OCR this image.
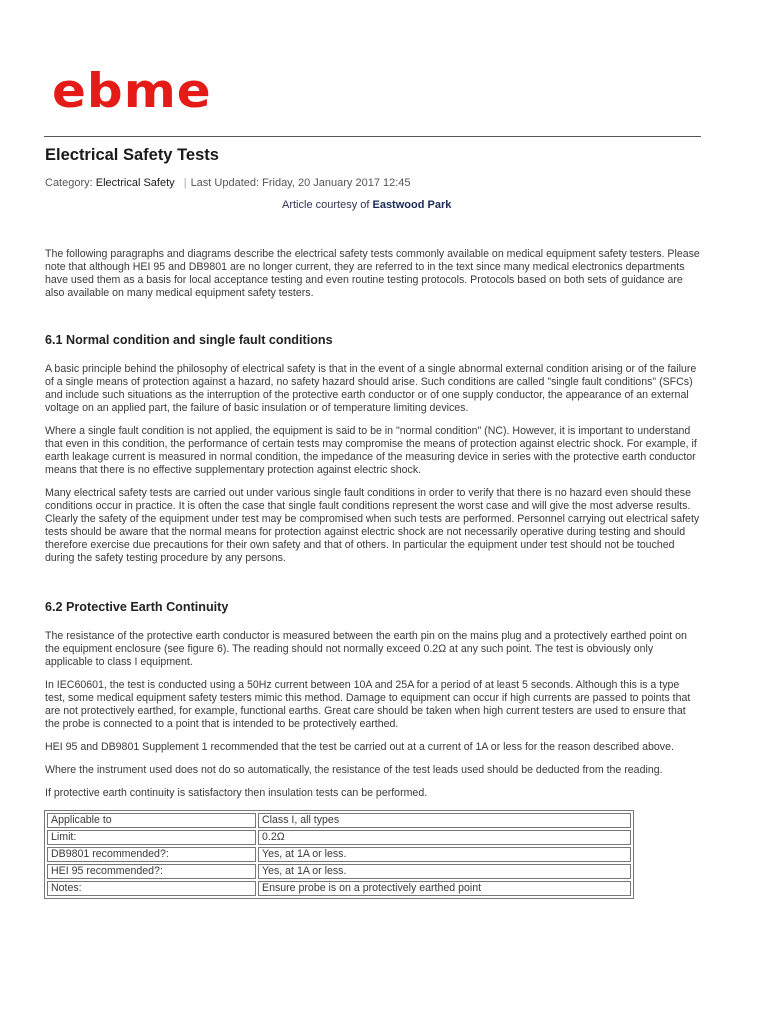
ebme
Electrical Safety Tests
Category: Electrical Safety | Last Updated: Friday, 20 January 2017 12:45
Article courtesy of Eastwood Park

The following paragraphs and diagrams describe the electrical safety tests commonly available on medical equipment safety testers. Please note that although HEI 95 and DB9801 are no longer current, they are referred to in the text since many medical electronics departments have used them as a basis for local acceptance testing and even routine testing protocols. Protocols based on both sets of guidance are also available on many medical equipment safety testers.

6.1 Normal condition and single fault conditions

A basic principle behind the philosophy of electrical safety is that in the event of a single abnormal external condition arising or of the failure of a single means of protection against a hazard, no safety hazard should arise. Such conditions are called "single fault conditions" (SFCs) and include such situations as the interruption of the protective earth conductor or of one supply conductor, the appearance of an external voltage on an applied part, the failure of basic insulation or of temperature limiting devices.

Where a single fault condition is not applied, the equipment is said to be in "normal condition" (NC). However, it is important to understand that even in this condition, the performance of certain tests may compromise the means of protection against electric shock. For example, if earth leakage current is measured in normal condition, the impedance of the measuring device in series with the protective earth conductor means that there is no effective supplementary protection against electric shock.

Many electrical safety tests are carried out under various single fault conditions in order to verify that there is no hazard even should these conditions occur in practice. It is often the case that single fault conditions represent the worst case and will give the most adverse results. Clearly the safety of the equipment under test may be compromised when such tests are performed. Personnel carrying out electrical safety tests should be aware that the normal means for protection against electric shock are not necessarily operative during testing and should therefore exercise due precautions for their own safety and that of others. In particular the equipment under test should not be touched during the safety testing procedure by any persons.

6.2 Protective Earth Continuity

The resistance of the protective earth conductor is measured between the earth pin on the mains plug and a protectively earthed point on the equipment enclosure (see figure 6). The reading should not normally exceed 0.2Ω at any such point. The test is obviously only applicable to class I equipment.

In IEC60601, the test is conducted using a 50Hz current between 10A and 25A for a period of at least 5 seconds. Although this is a type test, some medical equipment safety testers mimic this method. Damage to equipment can occur if high currents are passed to points that are not protectively earthed, for example, functional earths. Great care should be taken when high current testers are used to ensure that the probe is connected to a point that is intended to be protectively earthed.

HEI 95 and DB9801 Supplement 1 recommended that the test be carried out at a current of 1A or less for the reason described above.

Where the instrument used does not do so automatically, the resistance of the test leads used should be deducted from the reading.

If protective earth continuity is satisfactory then insulation tests can be performed.

Applicable to	Class I, all types
Limit:	0.2Ω
DB9801 recommended?:	Yes, at 1A or less.
HEI 95 recommended?:	Yes, at 1A or less.
Notes:	Ensure probe is on a protectively earthed point
